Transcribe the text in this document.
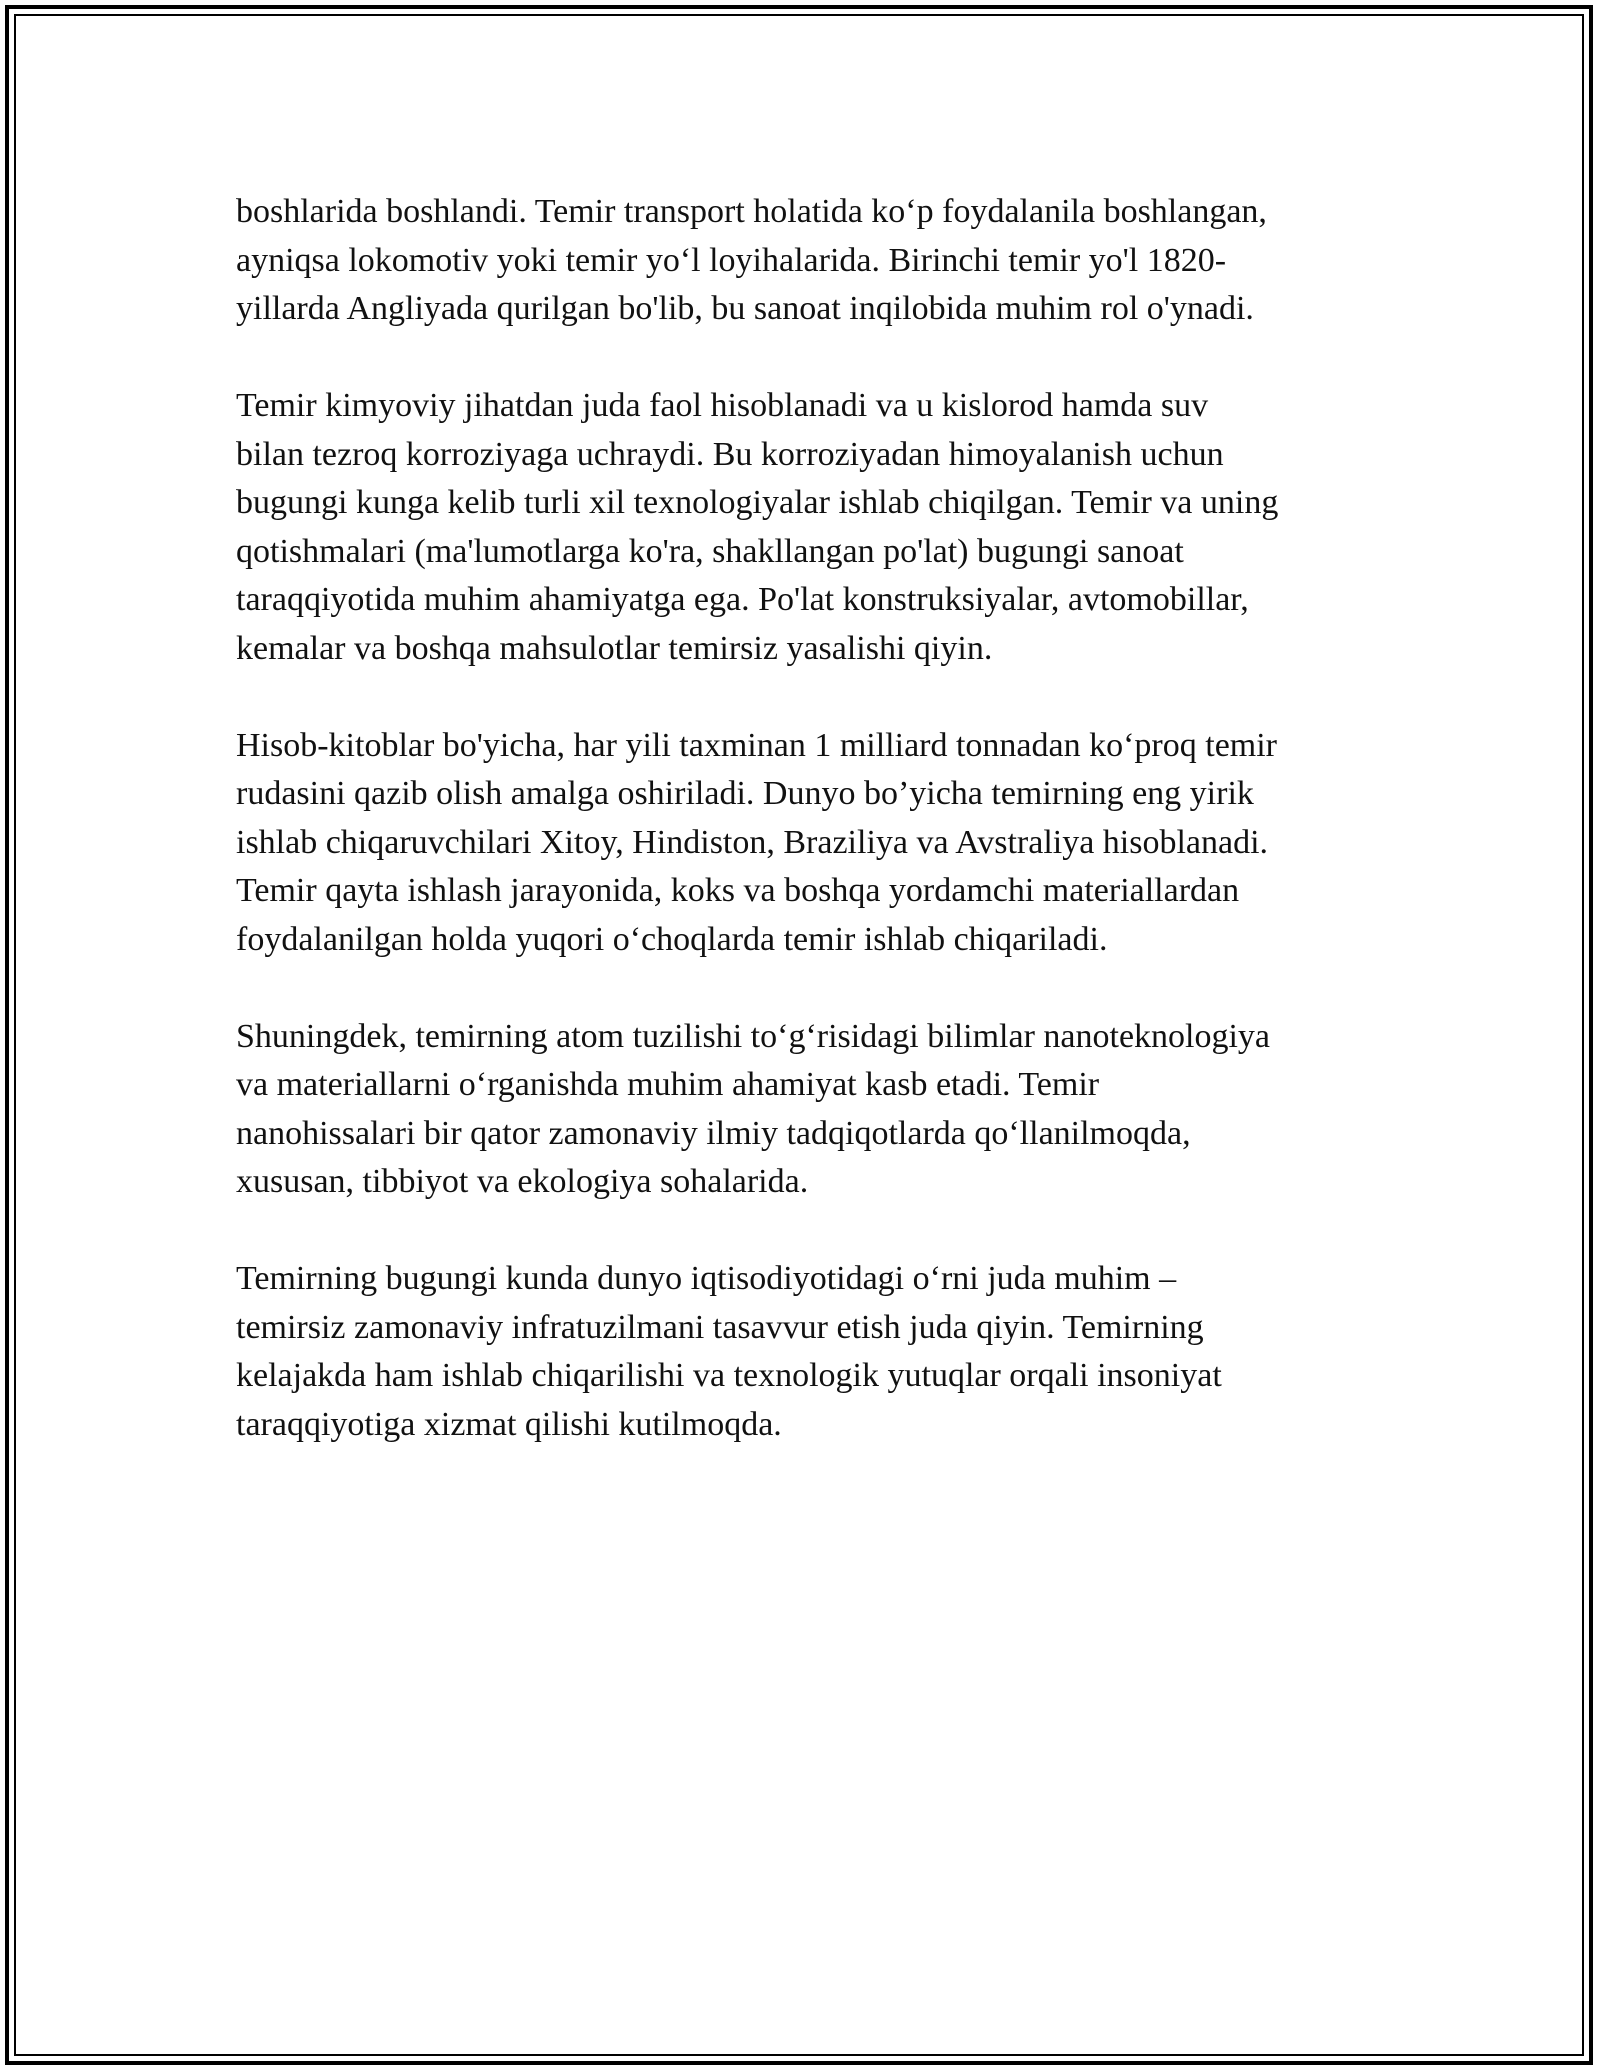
boshlarida boshlandi. Temir transport holatida ko‘p foydalanila boshlangan,
ayniqsa lokomotiv yoki temir yo‘l loyihalarida. Birinchi temir yo'l 1820-
yillarda Angliyada qurilgan bo'lib, bu sanoat inqilobida muhim rol o'ynadi.

Temir kimyoviy jihatdan juda faol hisoblanadi va u kislorod hamda suv
bilan tezroq korroziyaga uchraydi. Bu korroziyadan himoyalanish uchun
bugungi kunga kelib turli xil texnologiyalar ishlab chiqilgan. Temir va uning
qotishmalari (ma'lumotlarga ko'ra, shakllangan po'lat) bugungi sanoat
taraqqiyotida muhim ahamiyatga ega. Po'lat konstruksiyalar, avtomobillar,
kemalar va boshqa mahsulotlar temirsiz yasalishi qiyin.

Hisob-kitoblar bo'yicha, har yili taxminan 1 milliard tonnadan ko‘proq temir
rudasini qazib olish amalga oshiriladi. Dunyo bo’yicha temirning eng yirik
ishlab chiqaruvchilari Xitoy, Hindiston, Braziliya va Avstraliya hisoblanadi.
Temir qayta ishlash jarayonida, koks va boshqa yordamchi materiallardan
foydalanilgan holda yuqori o‘choqlarda temir ishlab chiqariladi.

Shuningdek, temirning atom tuzilishi to‘g‘risidagi bilimlar nanoteknologiya
va materiallarni o‘rganishda muhim ahamiyat kasb etadi. Temir
nanohissalari bir qator zamonaviy ilmiy tadqiqotlarda qo‘llanilmoqda,
xususan, tibbiyot va ekologiya sohalarida.

Temirning bugungi kunda dunyo iqtisodiyotidagi o‘rni juda muhim –
temirsiz zamonaviy infratuzilmani tasavvur etish juda qiyin. Temirning
kelajakda ham ishlab chiqarilishi va texnologik yutuqlar orqali insoniyat
taraqqiyotiga xizmat qilishi kutilmoqda.
